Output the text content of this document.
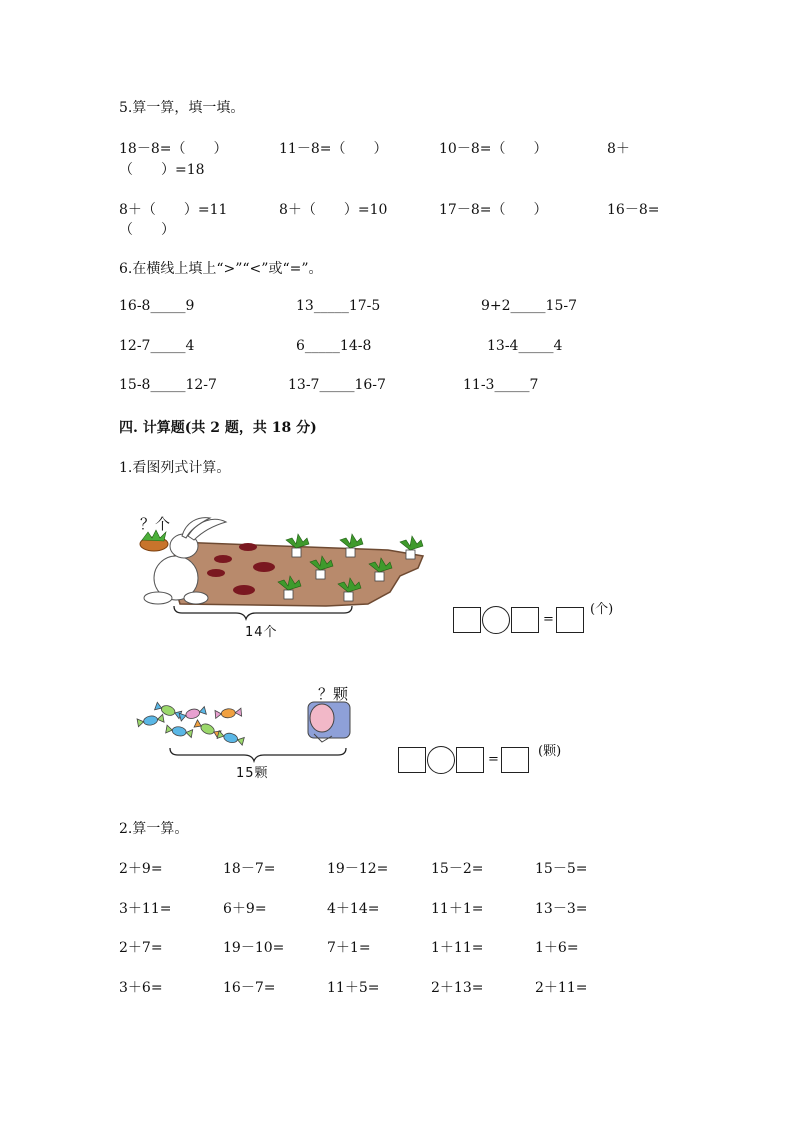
5.算一算，填一填。
18－8=（　　）	11－8=（　　）	10－8=（　　）	8＋
（　　）=18
8＋（　　）=11	8＋（　　）=10	17－8=（　　）	16－8=
（　　）
6.在横线上填上“>”“<”或“=”。
16-8_____9	13_____17-5	9+2_____15-7
12-7_____4	6_____14-8	13-4_____4
15-8_____12-7	13-7_____16-7	11-3_____7
四. 计算题(共 2 题，共 18 分)
1.看图列式计算。
？个
14个
=
(个)
？颗
15颗
=
(颗)
2.算一算。
2＋9=	18－7=	19－12=	15－2=	15－5=
3＋11=	6＋9=	4＋14=	11＋1=	13－3=
2＋7=	19－10=	7＋1=	1＋11=	1＋6=
3＋6=	16－7=	11＋5=	2＋13=	2＋11=
